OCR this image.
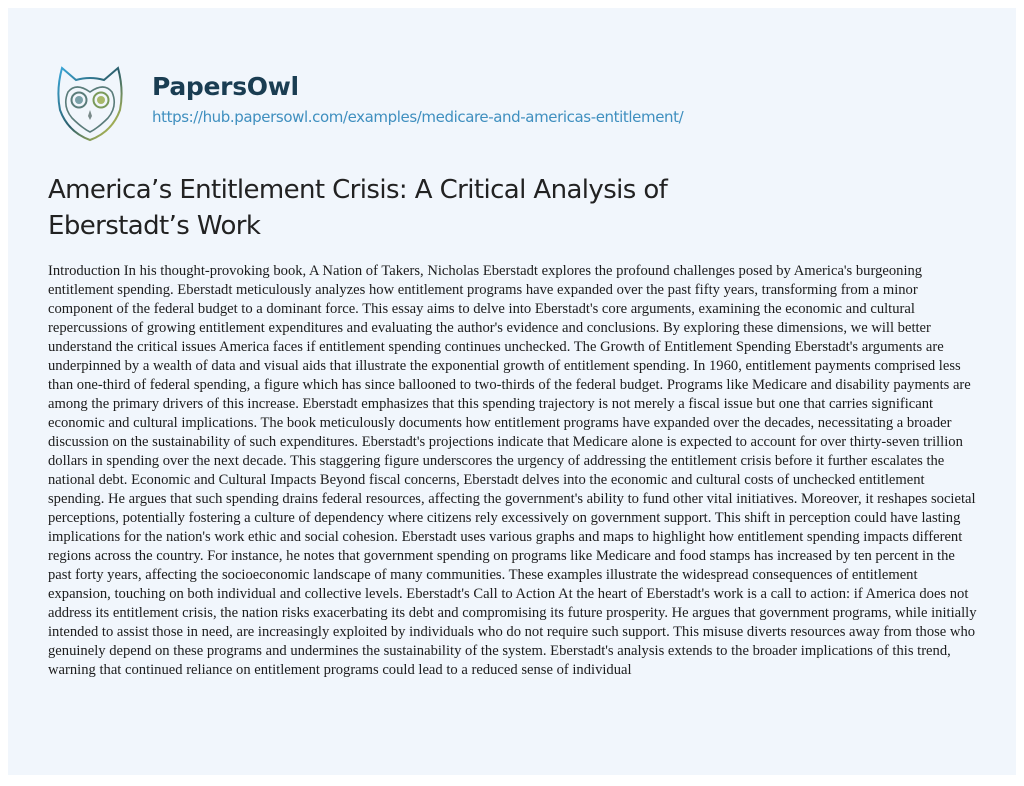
PapersOwl
https://hub.papersowl.com/examples/medicare-and-americas-entitlement/
America’s Entitlement Crisis: A Critical Analysis of Eberstadt’s Work

Introduction In his thought-provoking book, A Nation of Takers, Nicholas Eberstadt explores the profound challenges posed by America's burgeoning entitlement spending. Eberstadt meticulously analyzes how entitlement programs have expanded over the past fifty years, transforming from a minor component of the federal budget to a dominant force. This essay aims to delve into Eberstadt's core arguments, examining the economic and cultural repercussions of growing entitlement expenditures and evaluating the author's evidence and conclusions. By exploring these dimensions, we will better understand the critical issues America faces if entitlement spending continues unchecked. The Growth of Entitlement Spending Eberstadt's arguments are underpinned by a wealth of data and visual aids that illustrate the exponential growth of entitlement spending. In 1960, entitlement payments comprised less than one-third of federal spending, a figure which has since ballooned to two-thirds of the federal budget. Programs like Medicare and disability payments are among the primary drivers of this increase. Eberstadt emphasizes that this spending trajectory is not merely a fiscal issue but one that carries significant economic and cultural implications. The book meticulously documents how entitlement programs have expanded over the decades, necessitating a broader discussion on the sustainability of such expenditures. Eberstadt's projections indicate that Medicare alone is expected to account for over thirty-seven trillion dollars in spending over the next decade. This staggering figure underscores the urgency of addressing the entitlement crisis before it further escalates the national debt. Economic and Cultural Impacts Beyond fiscal concerns, Eberstadt delves into the economic and cultural costs of unchecked entitlement spending. He argues that such spending drains federal resources, affecting the government's ability to fund other vital initiatives. Moreover, it reshapes societal perceptions, potentially fostering a culture of dependency where citizens rely excessively on government support. This shift in perception could have lasting implications for the nation's work ethic and social cohesion. Eberstadt uses various graphs and maps to highlight how entitlement spending impacts different regions across the country. For instance, he notes that government spending on programs like Medicare and food stamps has increased by ten percent in the past forty years, affecting the socioeconomic landscape of many communities. These examples illustrate the widespread consequences of entitlement expansion, touching on both individual and collective levels. Eberstadt's Call to Action At the heart of Eberstadt's work is a call to action: if America does not address its entitlement crisis, the nation risks exacerbating its debt and compromising its future prosperity. He argues that government programs, while initially intended to assist those in need, are increasingly exploited by individuals who do not require such support. This misuse diverts resources away from those who genuinely depend on these programs and undermines the sustainability of the system. Eberstadt's analysis extends to the broader implications of this trend, warning that continued reliance on entitlement programs could lead to a reduced sense of individual
